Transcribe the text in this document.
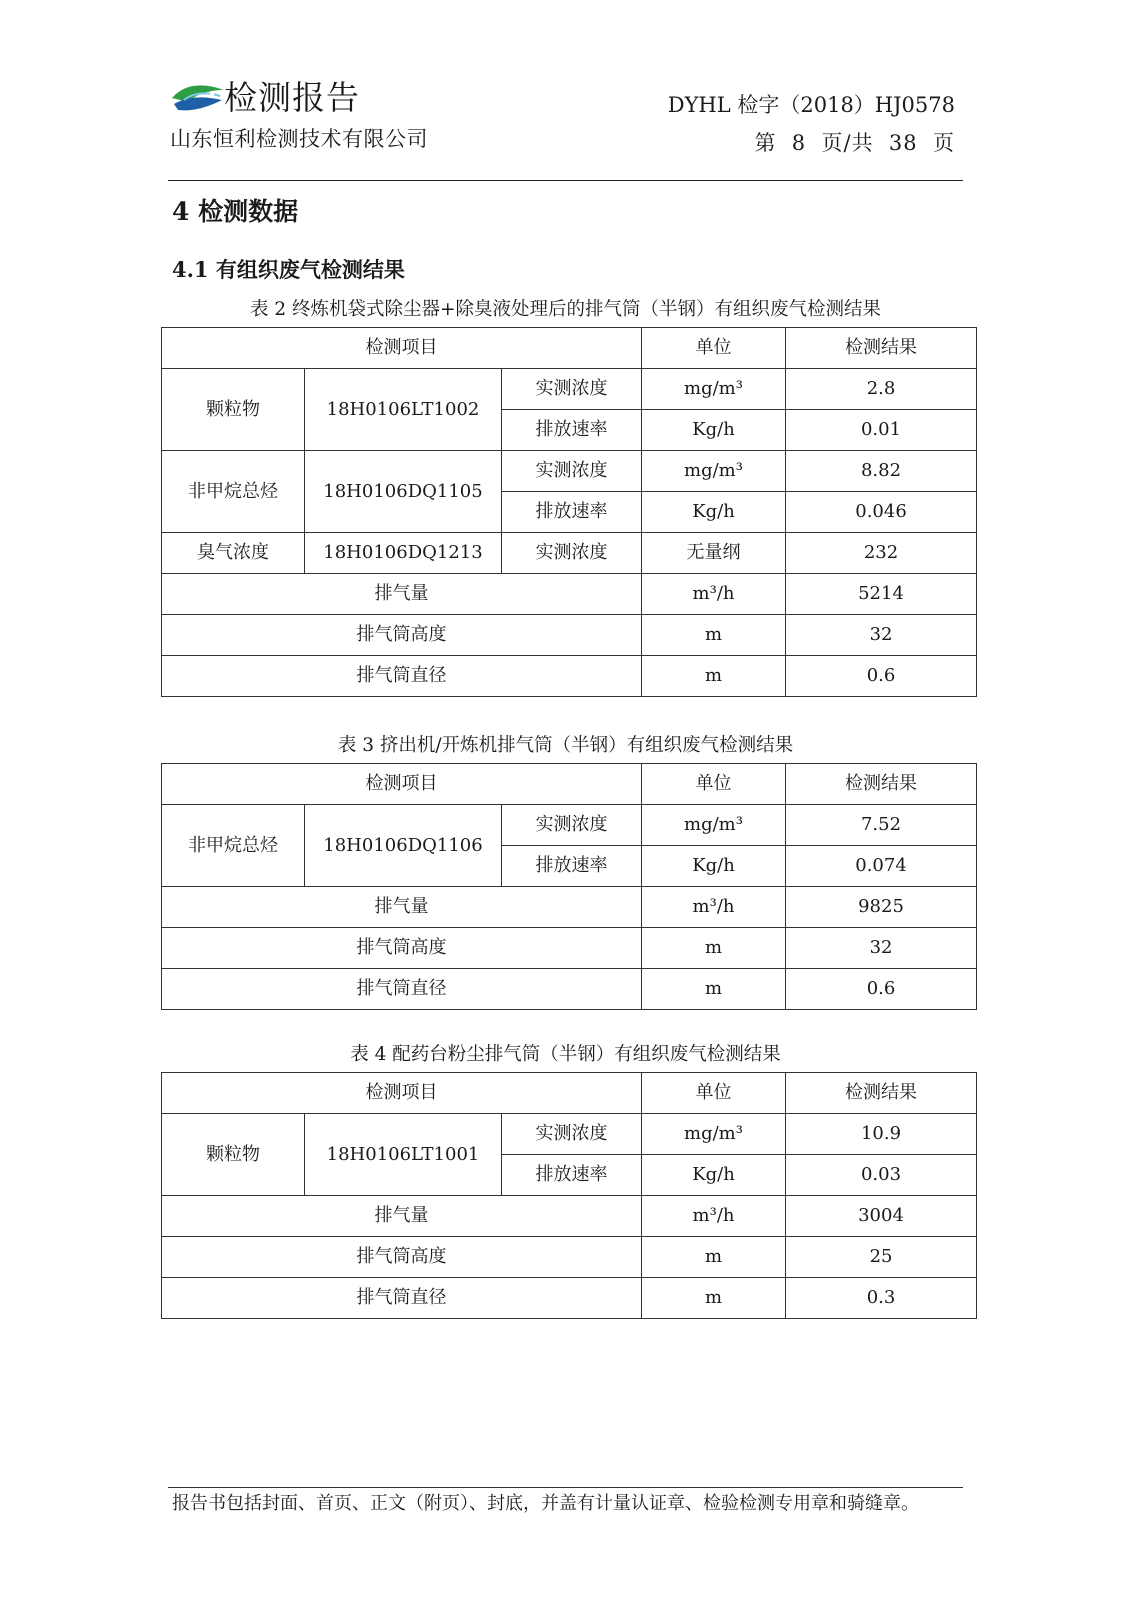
检测报告
山东恒利检测技术有限公司
DYHL 检字（2018）HJ0578
第  8  页/共  38  页
4 检测数据
4.1 有组织废气检测结果
表 2 终炼机袋式除尘器+除臭液处理后的排气筒（半钢）有组织废气检测结果
检测项目			单位	检测结果
颗粒物	18H0106LT1002	实测浓度	mg/m³	2.8
		排放速率	Kg/h	0.01
非甲烷总烃	18H0106DQ1105	实测浓度	mg/m³	8.82
		排放速率	Kg/h	0.046
臭气浓度	18H0106DQ1213	实测浓度	无量纲	232
排气量			m³/h	5214
排气筒高度			m	32
排气筒直径			m	0.6
表 3 挤出机/开炼机排气筒（半钢）有组织废气检测结果
检测项目			单位	检测结果
非甲烷总烃	18H0106DQ1106	实测浓度	mg/m³	7.52
		排放速率	Kg/h	0.074
排气量			m³/h	9825
排气筒高度			m	32
排气筒直径			m	0.6
表 4 配药台粉尘排气筒（半钢）有组织废气检测结果
检测项目			单位	检测结果
颗粒物	18H0106LT1001	实测浓度	mg/m³	10.9
		排放速率	Kg/h	0.03
排气量			m³/h	3004
排气筒高度			m	25
排气筒直径			m	0.3
报告书包括封面、首页、正文（附页）、封底，并盖有计量认证章、检验检测专用章和骑缝章。
